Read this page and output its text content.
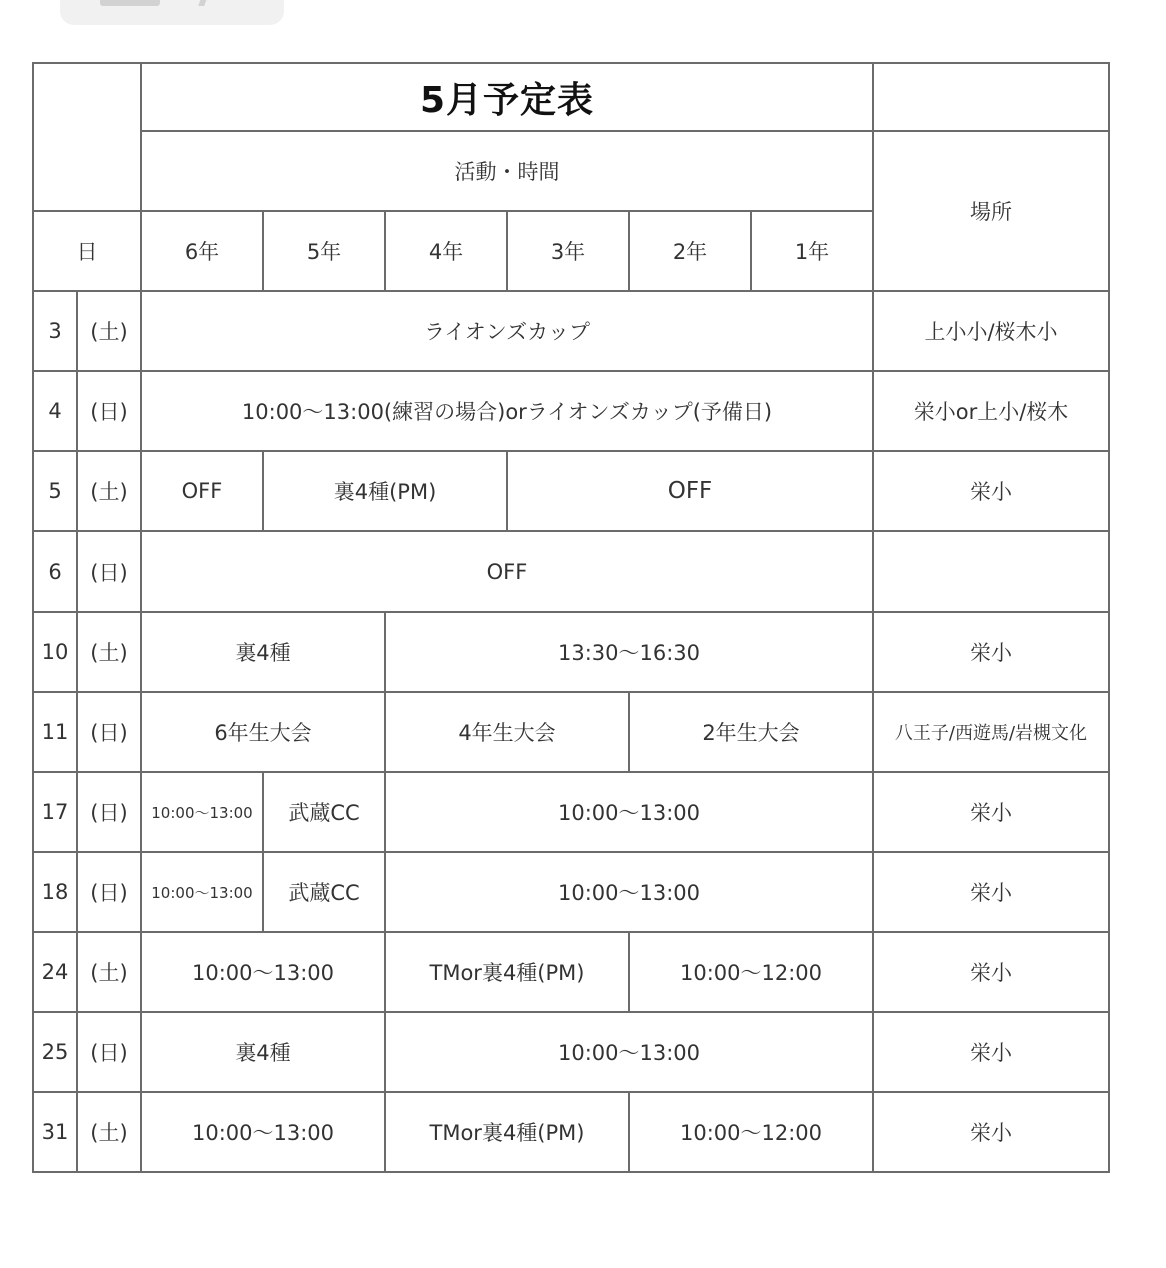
		5月予定表						
		活動・時間						場所
日		6年	5年	4年	3年	2年	1年	
3	(土)	ライオンズカップ						上小小/桜木小
4	(日)	10:00～13:00(練習の場合)orライオンズカップ(予備日)						栄小or上小/桜木
5	(土)	OFF	裏4種(PM)		OFF			栄小
6	(日)	OFF						
10	(土)	裏4種		13:30～16:30				栄小
11	(日)	6年生大会		4年生大会		2年生大会		八王子/西遊馬/岩槻文化
17	(日)	10:00～13:00	武蔵CC	10:00～13:00				栄小
18	(日)	10:00～13:00	武蔵CC	10:00～13:00				栄小
24	(土)	10:00～13:00		TMor裏4種(PM)		10:00～12:00		栄小
25	(日)	裏4種		10:00～13:00				栄小
31	(土)	10:00～13:00		TMor裏4種(PM)		10:00～12:00		栄小
